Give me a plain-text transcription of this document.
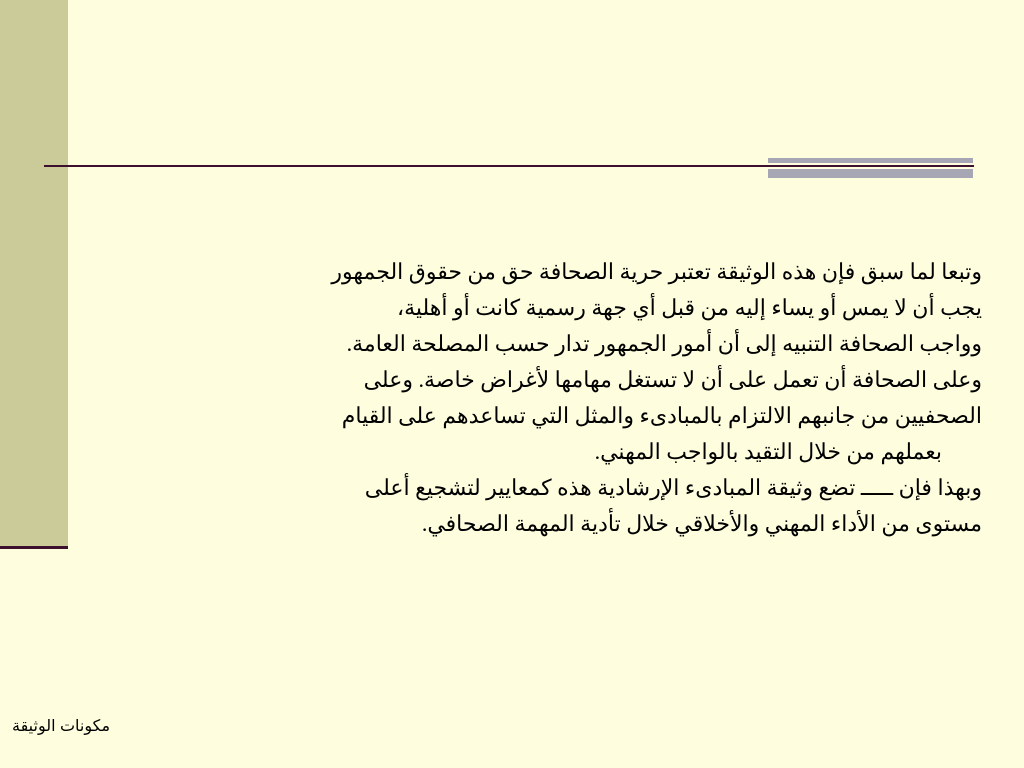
وتبعا لما سبق فإن هذه الوثيقة تعتبر حرية الصحافة حق من حقوق الجمهور
يجب أن لا يمس أو يساء إليه من قبل أي جهة رسمية كانت أو أهلية،
وواجب الصحافة التنبيه إلى أن أمور الجمهور تدار حسب المصلحة العامة.
وعلى الصحافة أن تعمل على أن لا تستغل مهامها لأغراض خاصة. وعلى
الصحفيين من جانبهم الالتزام بالمبادىء والمثل التي تساعدهم على القيام
بعملهم من خلال التقيد بالواجب المهني.
وبهذا فإن ـــــ تضع وثيقة المبادىء الإرشادية هذه كمعايير لتشجيع أعلى
مستوى من الأداء المهني والأخلاقي خلال تأدية المهمة الصحافي.
مكونات الوثيقة
